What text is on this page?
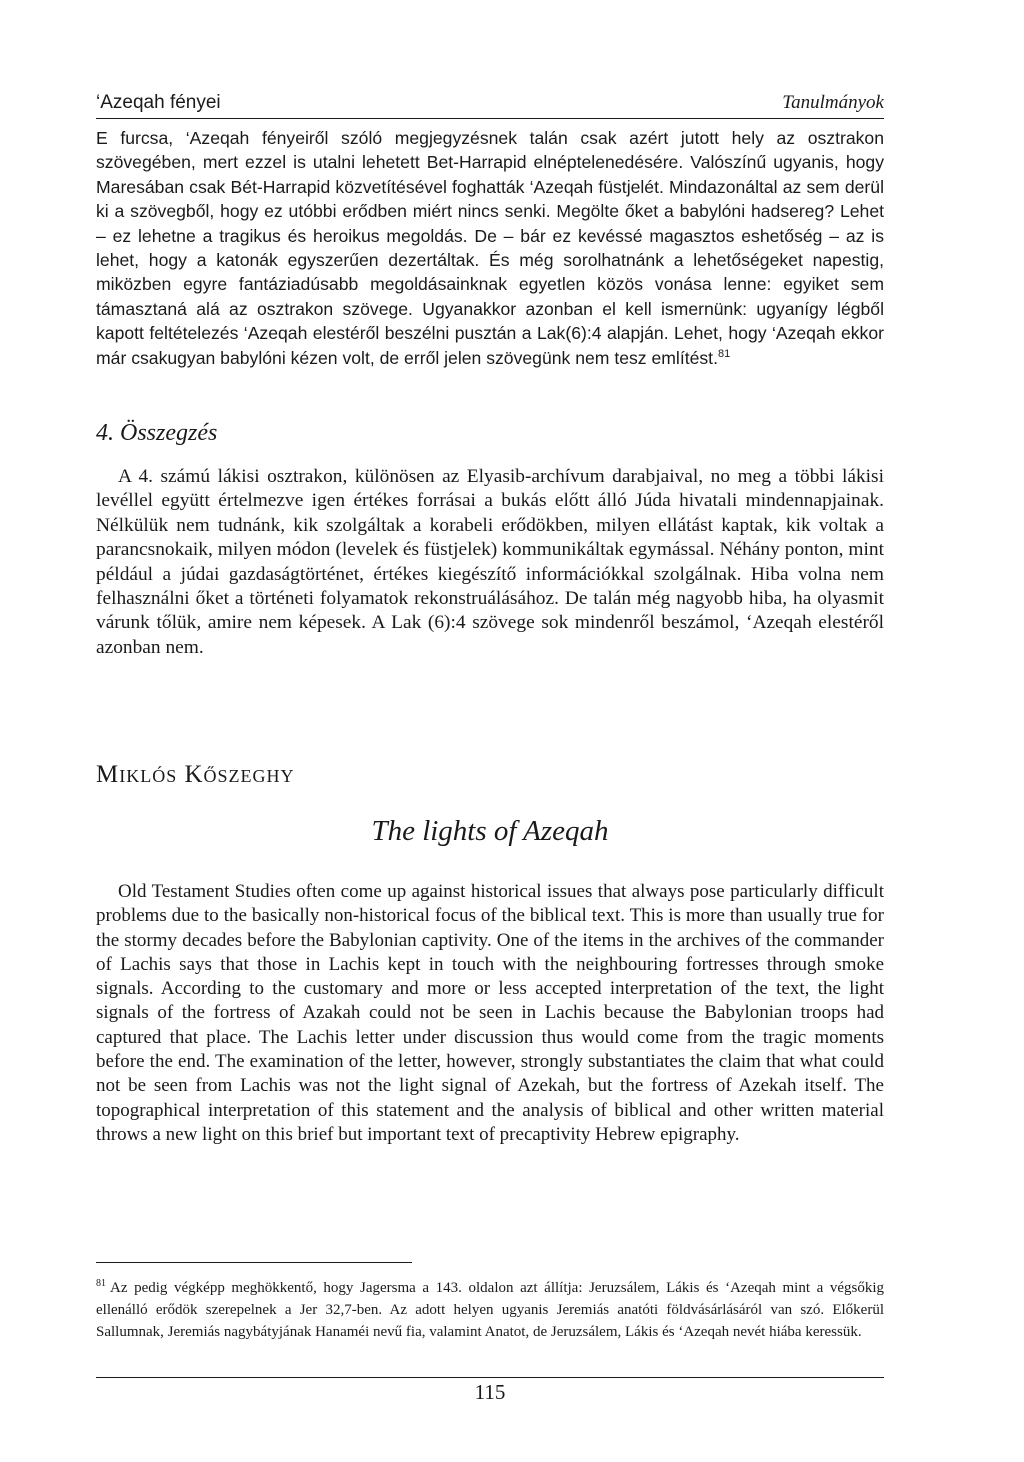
‘Azeqah fényei	Tanulmányok

E furcsa, ‘Azeqah fényeiről szóló megjegyzésnek talán csak azért jutott hely az osztrakon szövegében, mert ezzel is utalni lehetett Bet-Harrapid elnéptelenedésére. Valószínű ugyanis, hogy Maresában csak Bét-Harrapid közvetítésével foghatták ‘Azeqah füstjelét. Mindazonáltal az sem derül ki a szövegből, hogy ez utóbbi erődben miért nincs senki. Megölte őket a babylóni hadsereg? Lehet – ez lehetne a tragikus és heroikus megoldás. De – bár ez kevéssé magasztos eshetőség – az is lehet, hogy a katonák egyszerűen dezertáltak. És még sorolhatnánk a lehetőségeket napestig, miközben egyre fantáziadúsabb megoldásainknak egyetlen közös vonása lenne: egyiket sem támasztaná alá az osztrakon szövege. Ugyanakkor azonban el kell ismernünk: ugyanígy légből kapott feltételezés ‘Azeqah elestéről beszélni pusztán a Lak(6):4 alapján. Lehet, hogy ‘Azeqah ekkor már csakugyan babylóni kézen volt, de erről jelen szövegünk nem tesz említést.$^{81}$

4. Összegzés

A 4. számú lákisi osztrakon, különösen az Elyasib-archívum darabjaival, no meg a többi lákisi levéllel együtt értelmezve igen értékes forrásai a bukás előtt álló Júda hivatali mindennapjainak. Nélkülük nem tudnánk, kik szolgáltak a korabeli erődökben, milyen ellátást kaptak, kik voltak a parancsnokaik, milyen módon (levelek és füstjelek) kommunikáltak egymással. Néhány ponton, mint például a júdai gazdaságtörténet, értékes kiegészítő információkkal szolgálnak. Hiba volna nem felhasználni őket a történeti folyamatok rekonstruálásához. De talán még nagyobb hiba, ha olyasmit várunk tőlük, amire nem képesek. A Lak (6):4 szövege sok mindenről beszámol, ‘Azeqah elestéről azonban nem.

Miklós Kőszeghy
The lights of Azeqah

Old Testament Studies often come up against historical issues that always pose particularly difficult problems due to the basically non-historical focus of the biblical text. This is more than usually true for the stormy decades before the Babylonian captivity. One of the items in the archives of the commander of Lachis says that those in Lachis kept in touch with the neighbouring fortresses through smoke signals. According to the customary and more or less accepted interpretation of the text, the light signals of the fortress of Azakah could not be seen in Lachis because the Babylonian troops had captured that place. The Lachis letter under discussion thus would come from the tragic moments before the end. The examination of the letter, however, strongly substantiates the claim that what could not be seen from Lachis was not the light signal of Azekah, but the fortress of Azekah itself. The topographical interpretation of this statement and the analysis of biblical and other written material throws a new light on this brief but important text of precaptivity Hebrew epigraphy.

$^{81}$ Az pedig végképp meghökkentő, hogy Jagersma a 143. oldalon azt állítja: Jeruzsálem, Lákis és ‘Azeqah mint a végsőkig ellenálló erődök szerepelnek a Jer 32,7-ben. Az adott helyen ugyanis Jeremiás anatóti földvásárlásáról van szó. Előkerül Sallumnak, Jeremiás nagybátyjának Hanaméi nevű fia, valamint Anatot, de Jeruzsálem, Lákis és ‘Azeqah nevét hiába keressük.
115
